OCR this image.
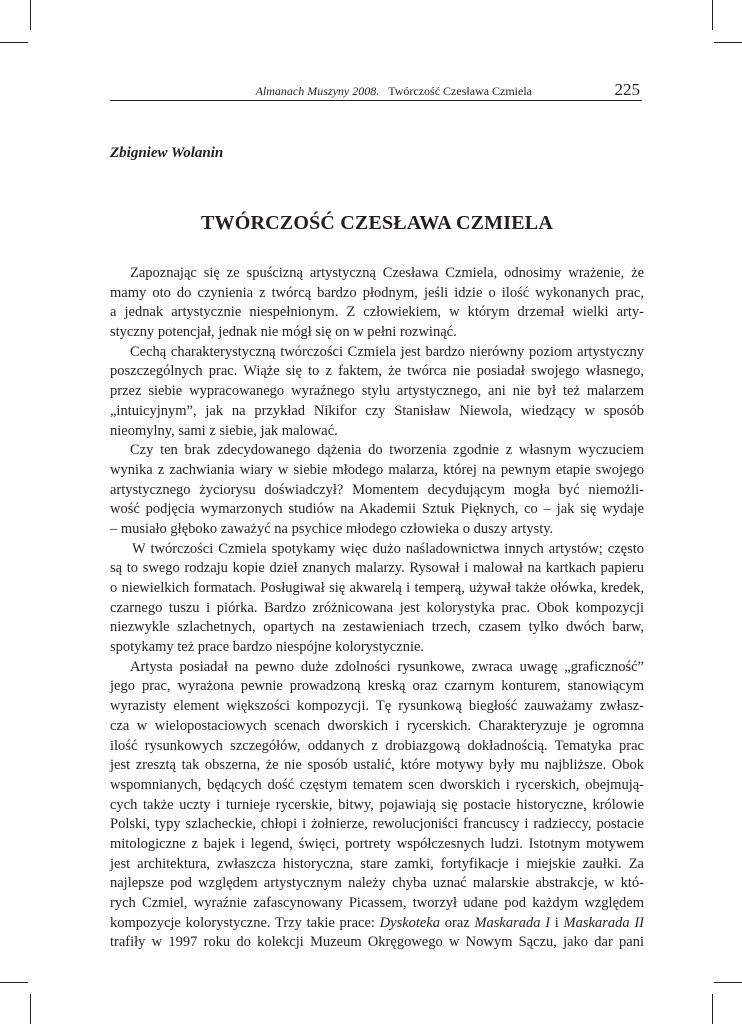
Almanach Muszyny 2008. Twórczość Czesława Czmiela	225
Zbigniew Wolanin
TWÓRCZOŚĆ CZESŁAWA CZMIELA
Zapoznając się ze spuścizną artystyczną Czesława Czmiela, odnosimy wrażenie, że
mamy oto do czynienia z twórcą bardzo płodnym, jeśli idzie o ilość wykonanych prac,
a jednak artystycznie niespełnionym. Z człowiekiem, w którym drzemał wielki arty-
styczny potencjał, jednak nie mógł się on w pełni rozwinąć.
Cechą charakterystyczną twórczości Czmiela jest bardzo nierówny poziom artystyczny
poszczególnych prac. Wiąże się to z faktem, że twórca nie posiadał swojego własnego,
przez siebie wypracowanego wyraźnego stylu artystycznego, ani nie był też malarzem
„intuicyjnym”, jak na przykład Nikifor czy Stanisław Niewola, wiedzący w sposób
nieomylny, sami z siebie, jak malować.
Czy ten brak zdecydowanego dążenia do tworzenia zgodnie z własnym wyczuciem
wynika z zachwiania wiary w siebie młodego malarza, której na pewnym etapie swojego
artystycznego życiorysu doświadczył? Momentem decydującym mogła być niemożli-
wość podjęcia wymarzonych studiów na Akademii Sztuk Pięknych, co – jak się wydaje
– musiało głęboko zaważyć na psychice młodego człowieka o duszy artysty.
W twórczości Czmiela spotykamy więc dużo naśladownictwa innych artystów; często
są to swego rodzaju kopie dzieł znanych malarzy. Rysował i malował na kartkach papieru
o niewielkich formatach. Posługiwał się akwarelą i temperą, używał także ołówka, kredek,
czarnego tuszu i piórka. Bardzo zróżnicowana jest kolorystyka prac. Obok kompozycji
niezwykle szlachetnych, opartych na zestawieniach trzech, czasem tylko dwóch barw,
spotykamy też prace bardzo niespójne kolorystycznie.
Artysta posiadał na pewno duże zdolności rysunkowe, zwraca uwagę „graficzność”
jego prac, wyrażona pewnie prowadzoną kreską oraz czarnym konturem, stanowiącym
wyrazisty element większości kompozycji. Tę rysunkową biegłość zauważamy zwłasz-
cza w wielopostaciowych scenach dworskich i rycerskich. Charakteryzuje je ogromna
ilość rysunkowych szczegółów, oddanych z drobiazgową dokładnością. Tematyka prac
jest zresztą tak obszerna, że nie sposób ustalić, które motywy były mu najbliższe. Obok
wspomnianych, będących dość częstym tematem scen dworskich i rycerskich, obejmują-
cych także uczty i turnieje rycerskie, bitwy, pojawiają się postacie historyczne, królowie
Polski, typy szlacheckie, chłopi i żołnierze, rewolucjoniści francuscy i radzieccy, postacie
mitologiczne z bajek i legend, święci, portrety współczesnych ludzi. Istotnym motywem
jest architektura, zwłaszcza historyczna, stare zamki, fortyfikacje i miejskie zaułki. Za
najlepsze pod względem artystycznym należy chyba uznać malarskie abstrakcje, w któ-
rych Czmiel, wyraźnie zafascynowany Picassem, tworzył udane pod każdym względem
kompozycje kolorystyczne. Trzy takie prace: Dyskoteka oraz Maskarada I i Maskarada II
trafiły w 1997 roku do kolekcji Muzeum Okręgowego w Nowym Sączu, jako dar pani
